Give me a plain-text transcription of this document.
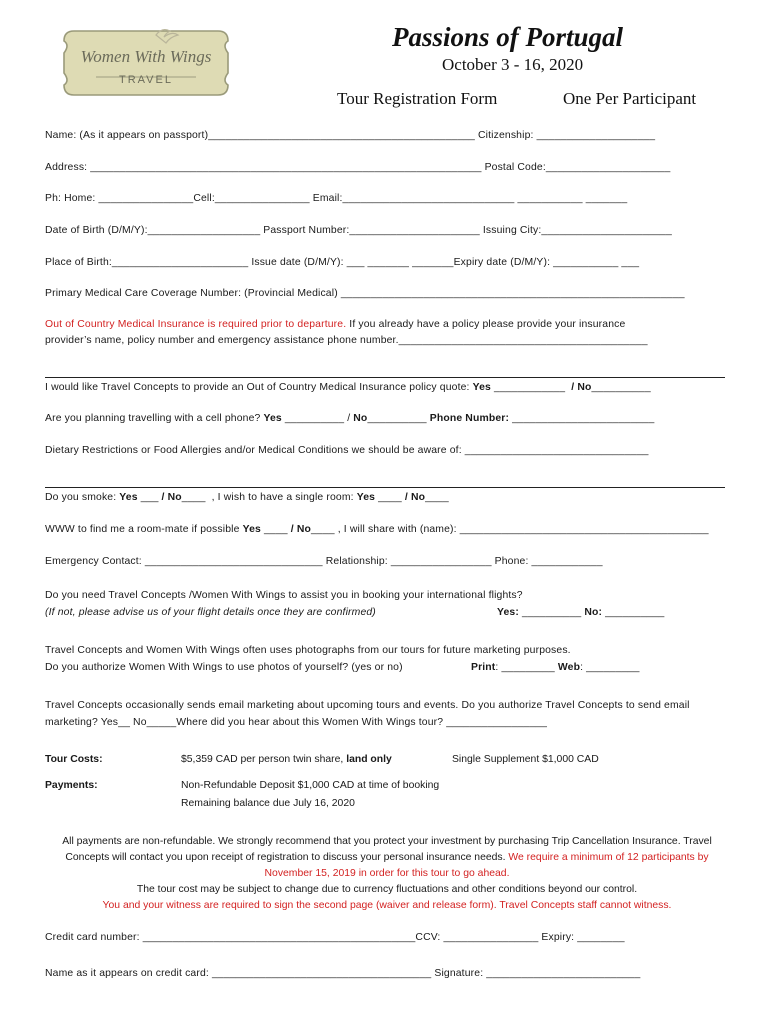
Women With Wings
TRAVEL
Passions of Portugal
October 3 - 16, 2020
Tour Registration Form	One Per Participant
Name: (As it appears on passport)_____________________________________________ Citizenship: ____________________
Address: __________________________________________________________________ Postal Code:_____________________
Ph: Home: ________________Cell:________________ Email:_____________________________ ___________ _______
Date of Birth (D/M/Y):___________________ Passport Number:______________________ Issuing City:______________________
Place of Birth:_______________________ Issue date (D/M/Y): ___ _______ _______Expiry date (D/M/Y): ___________ ___
Primary Medical Care Coverage Number: (Provincial Medical) __________________________________________________________
Out of Country Medical Insurance is required prior to departure. If you already have a policy please provide your insurance
provider’s name, policy number and emergency assistance phone number.__________________________________________
I would like Travel Concepts to provide an Out of Country Medical Insurance policy quote: Yes ____________  / No__________
Are you planning travelling with a cell phone? Yes __________ / No__________ Phone Number: ________________________
Dietary Restrictions or Food Allergies and/or Medical Conditions we should be aware of: _______________________________
Do you smoke: Yes ___ / No____  , I wish to have a single room: Yes ____ / No____
WWW to find me a room-mate if possible Yes ____ / No____ , I will share with (name): __________________________________________
Emergency Contact: ______________________________ Relationship: _________________ Phone: ____________
Do you need Travel Concepts /Women With Wings to assist you in booking your international flights?
(If not, please advise us of your flight details once they are confirmed)	Yes: __________ No: __________
Travel Concepts and Women With Wings often uses photographs from our tours for future marketing purposes.
Do you authorize Women With Wings to use photos of yourself? (yes or no)	Print: _________ Web: _________
Travel Concepts occasionally sends email marketing about upcoming tours and events. Do you authorize Travel Concepts to send email
marketing? Yes__ No_____Where did you hear about this Women With Wings tour? _________________
Tour Costs:	$5,359 CAD per person twin share, land only	Single Supplement $1,000 CAD
Payments:	Non-Refundable Deposit $1,000 CAD at time of booking
Remaining balance due July 16, 2020
All payments are non-refundable. We strongly recommend that you protect your investment by purchasing Trip Cancellation Insurance. Travel Concepts will contact you upon receipt of registration to discuss your personal insurance needs. We require a minimum of 12 participants by November 15, 2019 in order for this tour to go ahead.
The tour cost may be subject to change due to currency fluctuations and other conditions beyond our control.
You and your witness are required to sign the second page (waiver and release form). Travel Concepts staff cannot witness.
Credit card number: ______________________________________________CCV: ________________ Expiry: ________
Name as it appears on credit card: _____________________________________ Signature: __________________________
